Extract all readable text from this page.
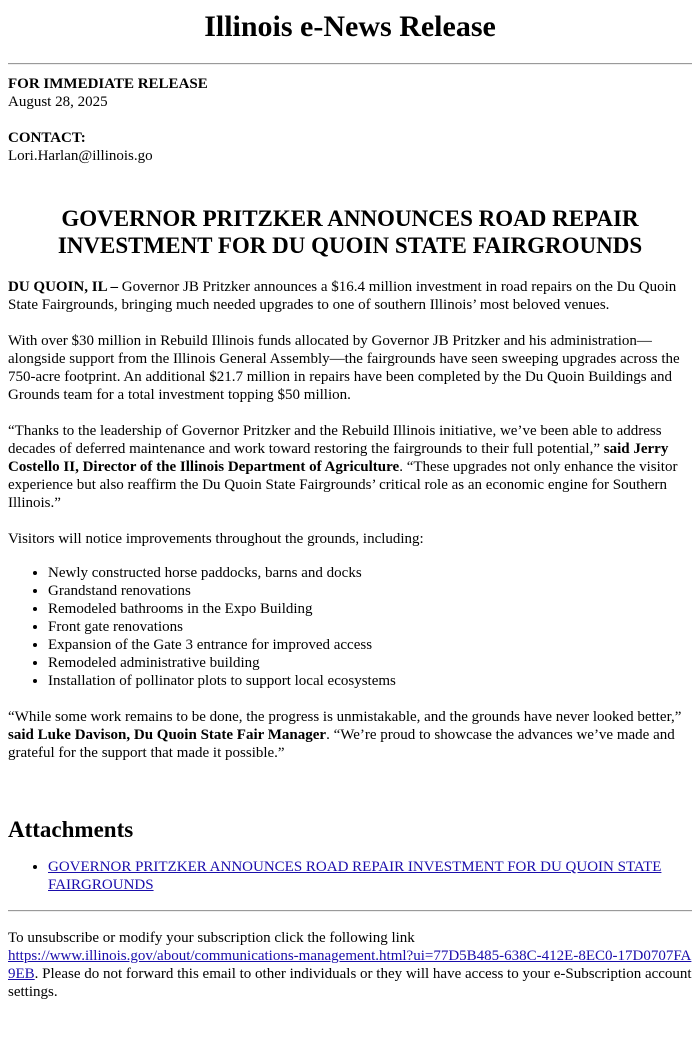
Illinois e-News Release

FOR IMMEDIATE RELEASE

August 28, 2025

CONTACT:

Lori.Harlan@illinois.go

GOVERNOR PRITZKER ANNOUNCES ROAD REPAIR INVESTMENT FOR DU QUOIN STATE FAIRGROUNDS

DU QUOIN, IL – Governor JB Pritzker announces a $16.4 million investment in road repairs on the Du Quoin State Fairgrounds, bringing much needed upgrades to one of southern Illinois’ most beloved venues.

With over $30 million in Rebuild Illinois funds allocated by Governor JB Pritzker and his administration—alongside support from the Illinois General Assembly—the fairgrounds have seen sweeping upgrades across the 750-acre footprint. An additional $21.7 million in repairs have been completed by the Du Quoin Buildings and Grounds team for a total investment topping $50 million.

“Thanks to the leadership of Governor Pritzker and the Rebuild Illinois initiative, we’ve been able to address decades of deferred maintenance and work toward restoring the fairgrounds to their full potential,” said Jerry Costello II, Director of the Illinois Department of Agriculture. “These upgrades not only enhance the visitor experience but also reaffirm the Du Quoin State Fairgrounds’ critical role as an economic engine for Southern Illinois.”

Visitors will notice improvements throughout the grounds, including:

• Newly constructed horse paddocks, barns and docks
• Grandstand renovations
• Remodeled bathrooms in the Expo Building
• Front gate renovations
• Expansion of the Gate 3 entrance for improved access
• Remodeled administrative building
• Installation of pollinator plots to support local ecosystems

“While some work remains to be done, the progress is unmistakable, and the grounds have never looked better,” said Luke Davison, Du Quoin State Fair Manager. “We’re proud to showcase the advances we’ve made and grateful for the support that made it possible.”

Attachments
• GOVERNOR PRITZKER ANNOUNCES ROAD REPAIR INVESTMENT FOR DU QUOIN STATE FAIRGROUNDS

To unsubscribe or modify your subscription click the following link
https://www.illinois.gov/about/communications-management.html?ui=77D5B485-638C-412E-8EC0-17D0707FA9EB. Please do not forward this email to other individuals or they will have access to your e-Subscription account settings.
